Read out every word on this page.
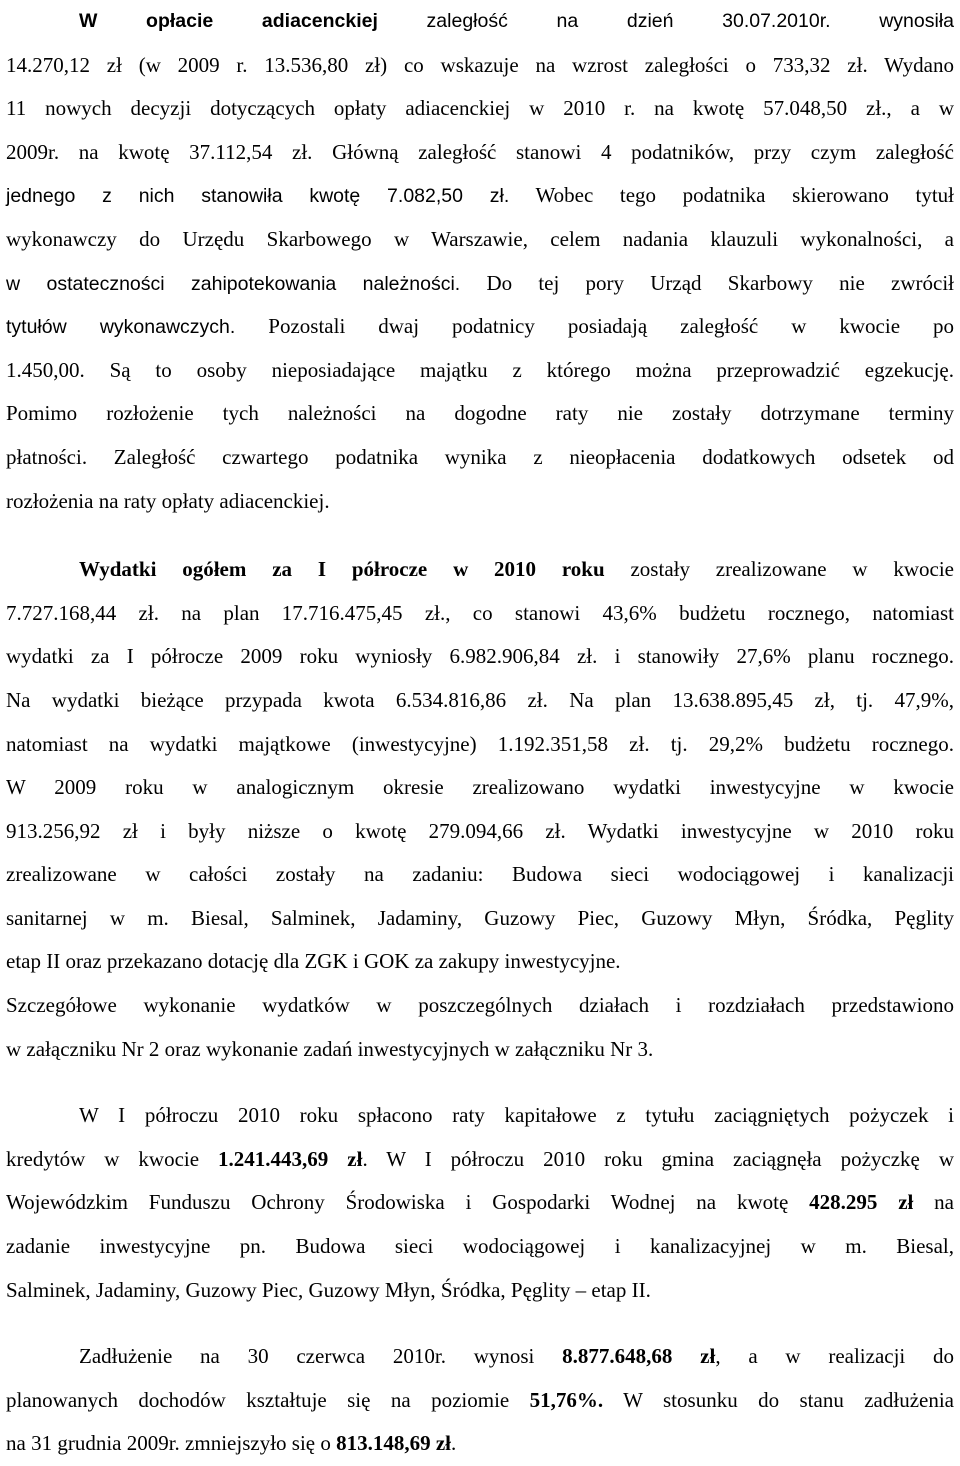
W opłacie adiacenckiej zaległość na dzień 30.07.2010r. wynosiła
14.270,12 zł (w 2009 r. 13.536,80 zł) co wskazuje na wzrost zaległości o 733,32 zł. Wydano
11 nowych decyzji dotyczących opłaty adiacenckiej w 2010 r. na kwotę 57.048,50 zł., a w
2009r. na kwotę 37.112,54 zł. Główną zaległość stanowi 4 podatników, przy czym zaległość
jednego z nich stanowiła kwotę 7.082,50 zł. Wobec tego podatnika skierowano tytuł
wykonawczy do Urzędu Skarbowego w Warszawie, celem nadania klauzuli wykonalności, a
w ostateczności zahipotekowania należności. Do tej pory Urząd Skarbowy nie zwrócił
tytułów wykonawczych. Pozostali dwaj podatnicy posiadają zaległość w kwocie po
1.450,00. Są to osoby nieposiadające majątku z którego można przeprowadzić egzekucję.
Pomimo rozłożenie tych należności na dogodne raty nie zostały dotrzymane terminy
płatności. Zaległość czwartego podatnika wynika z nieopłacenia dodatkowych odsetek od
rozłożenia na raty opłaty adiacenckiej.
Wydatki ogółem za I półrocze w 2010 roku zostały zrealizowane w kwocie
7.727.168,44 zł. na plan 17.716.475,45 zł., co stanowi 43,6% budżetu rocznego, natomiast
wydatki za I półrocze 2009 roku wyniosły 6.982.906,84 zł. i stanowiły 27,6% planu rocznego.
Na wydatki bieżące przypada kwota 6.534.816,86 zł. Na plan 13.638.895,45 zł, tj. 47,9%,
natomiast na wydatki majątkowe (inwestycyjne) 1.192.351,58 zł. tj. 29,2% budżetu rocznego.
W 2009 roku w analogicznym okresie zrealizowano wydatki inwestycyjne w kwocie
913.256,92 zł i były niższe o kwotę 279.094,66 zł. Wydatki inwestycyjne w 2010 roku
zrealizowane w całości zostały na zadaniu: Budowa sieci wodociągowej i kanalizacji
sanitarnej w m. Biesal, Salminek, Jadaminy, Guzowy Piec, Guzowy Młyn, Śródka, Pęglity
etap II oraz przekazano dotację dla ZGK i GOK za zakupy inwestycyjne.
Szczegółowe wykonanie wydatków w poszczególnych działach i rozdziałach przedstawiono
w załączniku Nr 2 oraz wykonanie zadań inwestycyjnych w załączniku Nr 3.
W I półroczu 2010 roku spłacono raty kapitałowe z tytułu zaciągniętych pożyczek i
kredytów w kwocie 1.241.443,69 zł. W I półroczu 2010 roku gmina zaciągnęła pożyczkę w
Wojewódzkim Funduszu Ochrony Środowiska i Gospodarki Wodnej na kwotę 428.295 zł na
zadanie inwestycyjne pn. Budowa sieci wodociągowej i kanalizacyjnej w m. Biesal,
Salminek, Jadaminy, Guzowy Piec, Guzowy Młyn, Śródka, Pęglity – etap II.
Zadłużenie na 30 czerwca 2010r. wynosi 8.877.648,68 zł, a w realizacji do
planowanych dochodów kształtuje się na poziomie 51,76%. W stosunku do stanu zadłużenia
na 31 grudnia 2009r. zmniejszyło się o 813.148,69 zł.
